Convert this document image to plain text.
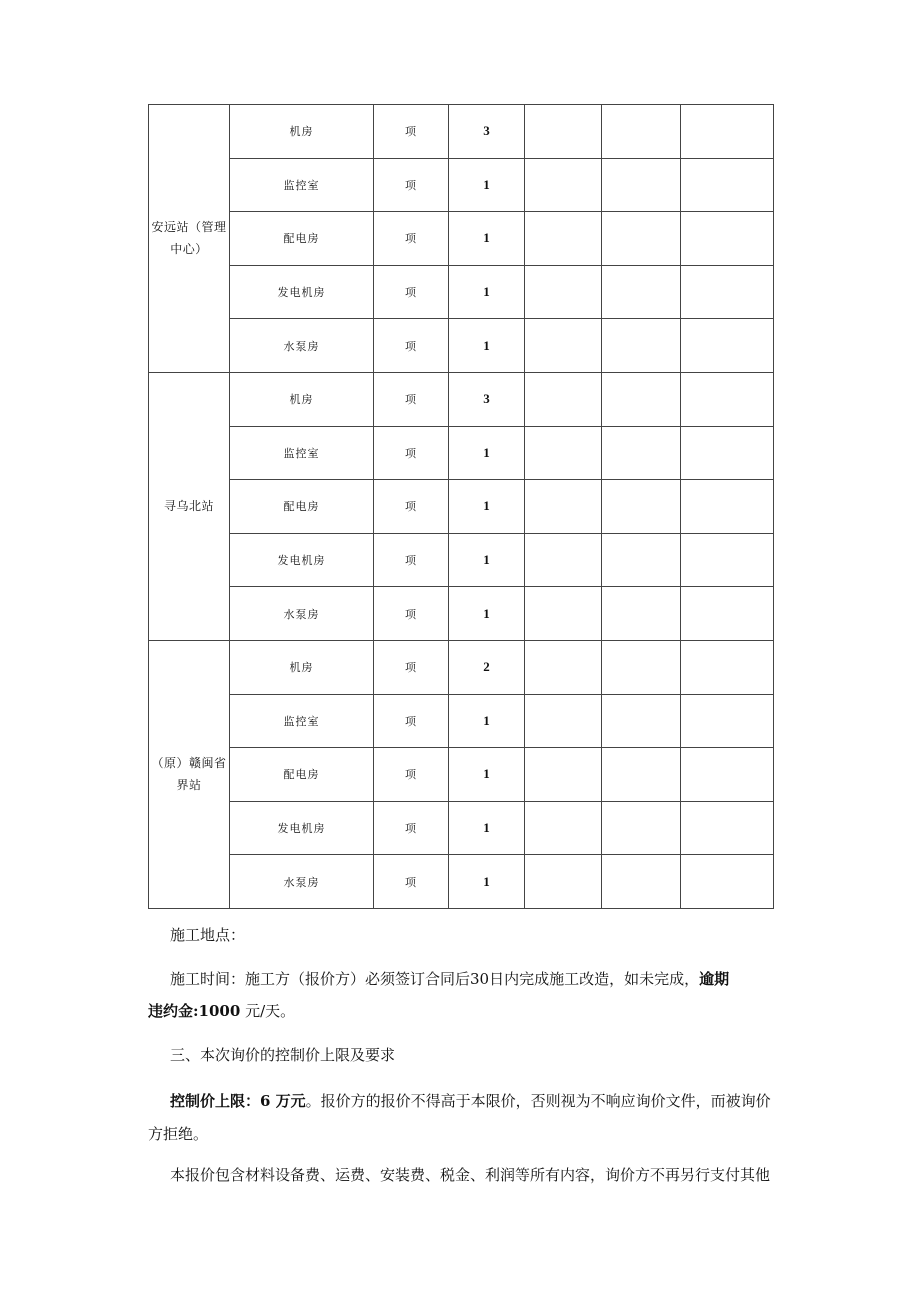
安远站（管理中心）	机房	项	3			
	监控室	项	1			
	配电房	项	1			
	发电机房	项	1			
	水泵房	项	1			
寻乌北站	机房	项	3			
	监控室	项	1			
	配电房	项	1			
	发电机房	项	1			
	水泵房	项	1			
（原）赣闽省界站	机房	项	2			
	监控室	项	1			
	配电房	项	1			
	发电机房	项	1			
	水泵房	项	1			
施工地点：
施工时间：施工方（报价方）必须签订合同后30日内完成施工改造，如未完成，逾期
违约金:1000 元/天。
三、本次询价的控制价上限及要求
控制价上限：6 万元。报价方的报价不得高于本限价，否则视为不响应询价文件，而被询价
方拒绝。
本报价包含材料设备费、运费、安装费、税金、利润等所有内容，询价方不再另行支付其他
